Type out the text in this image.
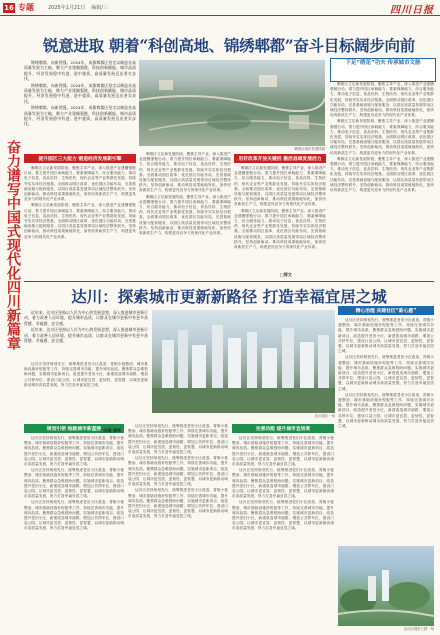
16 专题	2025年1月21日 编辑/三	四川日报
奋力谱写中国式现代化四川新篇章
锐意进取 朝着“科创高地、锦绣郫都”奋斗目标阔步向前

锦绣郫都，向新图强。2024年，成都郫都区坚定以制造业高质量发展为主轴，聚力产业建圈强链、科技创新赋能、城市品质提升，经济发展稳中有进、进中提质，高质量发展迈出坚实步伐。

锦绣郫都，向新图强。2024年，成都郫都区坚定以制造业高质量发展为主轴，聚力产业建圈强链、科技创新赋能、城市品质提升，经济发展稳中有进、进中提质，高质量发展迈出坚实步伐。

锦绣郫都，向新图强。2024年，成都郫都区坚定以制造业高质量发展为主轴，聚力产业建圈强链、科技创新赋能、城市品质提升，经济发展稳中有进、进中提质，高质量发展迈出坚实步伐。

郫都区城市发展风貌
下足“绣花”功夫 传承城市文脉

郫都区立足新发展阶段，聚焦主导产业，深入推进产业建圈强链行动，着力提升园区承载能力、要素保障能力、综合服务能力，推动电子信息、食品饮料、生物医药、现代农业等产业集群化发展，持续夯实实体经济根基。全面推动园区改革，优化园区功能布局，完善基础设施与配套服务，以园区高质量发展带动区域经济整体跃升。坚持创新驱动，推动科技成果就地转化，加快培育新质生产力，构建更具竞争力的现代化产业体系。

郫都区立足新发展阶段，聚焦主导产业，深入推进产业建圈强链行动，着力提升园区承载能力、要素保障能力、综合服务能力，推动电子信息、食品饮料、生物医药、现代农业等产业集群化发展，持续夯实实体经济根基。全面推动园区改革，优化园区功能布局，完善基础设施与配套服务，以园区高质量发展带动区域经济整体跃升。坚持创新驱动，推动科技成果就地转化，加快培育新质生产力，构建更具竞争力的现代化产业体系。

郫都区立足新发展阶段，聚焦主导产业，深入推进产业建圈强链行动，着力提升园区承载能力、要素保障能力、综合服务能力，推动电子信息、食品饮料、生物医药、现代农业等产业集群化发展，持续夯实实体经济根基。全面推动园区改革，优化园区功能布局，完善基础设施与配套服务，以园区高质量发展带动区域经济整体跃升。坚持创新驱动，推动科技成果就地转化，加快培育新质生产力，构建更具竞争力的现代化产业体系。

提升园区三大能力 锻造经济发展新引擎

郫都区立足新发展阶段，聚焦主导产业，深入推进产业建圈强链行动，着力提升园区承载能力、要素保障能力、综合服务能力，推动电子信息、食品饮料、生物医药、现代农业等产业集群化发展，持续夯实实体经济根基。全面推动园区改革，优化园区功能布局，完善基础设施与配套服务，以园区高质量发展带动区域经济整体跃升。坚持创新驱动，推动科技成果就地转化，加快培育新质生产力，构建更具竞争力的现代化产业体系。

郫都区立足新发展阶段，聚焦主导产业，深入推进产业建圈强链行动，着力提升园区承载能力、要素保障能力、综合服务能力，推动电子信息、食品饮料、生物医药、现代农业等产业集群化发展，持续夯实实体经济根基。全面推动园区改革，优化园区功能布局，完善基础设施与配套服务，以园区高质量发展带动区域经济整体跃升。坚持创新驱动，推动科技成果就地转化，加快培育新质生产力，构建更具竞争力的现代化产业体系。

郫都区立足新发展阶段，聚焦主导产业，深入推进产业建圈强链行动，着力提升园区承载能力、要素保障能力、综合服务能力，推动电子信息、食品饮料、生物医药、现代农业等产业集群化发展，持续夯实实体经济根基。全面推动园区改革，优化园区功能布局，完善基础设施与配套服务，以园区高质量发展带动区域经济整体跃升。坚持创新驱动，推动科技成果就地转化，加快培育新质生产力，构建更具竞争力的现代化产业体系。

郫都区立足新发展阶段，聚焦主导产业，深入推进产业建圈强链行动，着力提升园区承载能力、要素保障能力、综合服务能力，推动电子信息、食品饮料、生物医药、现代农业等产业集群化发展，持续夯实实体经济根基。全面推动园区改革，优化园区功能布局，完善基础设施与配套服务，以园区高质量发展带动区域经济整体跃升。坚持创新驱动，推动科技成果就地转化，加快培育新质生产力，构建更具竞争力的现代化产业体系。

用好改革开放关键招 激活县域发展活力

郫都区立足新发展阶段，聚焦主导产业，深入推进产业建圈强链行动，着力提升园区承载能力、要素保障能力、综合服务能力，推动电子信息、食品饮料、生物医药、现代农业等产业集群化发展，持续夯实实体经济根基。全面推动园区改革，优化园区功能布局，完善基础设施与配套服务，以园区高质量发展带动区域经济整体跃升。坚持创新驱动，推动科技成果就地转化，加快培育新质生产力，构建更具竞争力的现代化产业体系。

郫都区立足新发展阶段，聚焦主导产业，深入推进产业建圈强链行动，着力提升园区承载能力、要素保障能力、综合服务能力，推动电子信息、食品饮料、生物医药、现代农业等产业集群化发展，持续夯实实体经济根基。全面推动园区改革，优化园区功能布局，完善基础设施与配套服务，以园区高质量发展带动区域经济整体跃升。坚持创新驱动，推动科技成果就地转化，加快培育新质生产力，构建更具竞争力的现代化产业体系。

□郑文
达川：探索城市更新新路径 打造幸福宜居之城

近年来，达川区坚持以人民为中心的发展思想，深入推进城市更新行动，着力改善人居环境，提升城市品质，让群众在城市更新中有更多获得感、幸福感、安全感。

近年来，达川区坚持以人民为中心的发展思想，深入推进城市更新行动，着力改善人居环境，提升城市品质，让群众在城市更新中有更多获得感、幸福感、安全感。

达川城区一角
精心治理 共建社区“新心愿”

达川区坚持规划先行，统筹推进老旧小区改造、背街小巷整治、城市基础设施补短板等工作，持续完善城市功能，提升城市品质。聚焦群众急难愁盼问题，实施城市更新项目，改造提升老旧小区，新建改造城市道路，增加公共停车位，建设口袋公园，让城市更宜居、更韧性、更智慧，以城市更新推动城市高质量发展，努力打造幸福宜居之城。

达川区坚持规划先行，统筹推进老旧小区改造、背街小巷整治、城市基础设施补短板等工作，持续完善城市功能，提升城市品质。聚焦群众急难愁盼问题，实施城市更新项目，改造提升老旧小区，新建改造城市道路，增加公共停车位，建设口袋公园，让城市更宜居、更韧性、更智慧，以城市更新推动城市高质量发展，努力打造幸福宜居之城。

达川区坚持规划先行，统筹推进老旧小区改造、背街小巷整治、城市基础设施补短板等工作，持续完善城市功能，提升城市品质。聚焦群众急难愁盼问题，实施城市更新项目，改造提升老旧小区，新建改造城市道路，增加公共停车位，建设口袋公园，让城市更宜居、更韧性、更智慧，以城市更新推动城市高质量发展，努力打造幸福宜居之城。

达川区坚持规划先行，统筹推进老旧小区改造、背街小巷整治、城市基础设施补短板等工作，持续完善城市功能，提升城市品质。聚焦群众急难愁盼问题，实施城市更新项目，改造提升老旧小区，新建改造城市道路，增加公共停车位，建设口袋公园，让城市更宜居、更韧性、更智慧，以城市更新推动城市高质量发展，努力打造幸福宜居之城。

规划引领 绘就城市新蓝图

达川区坚持规划先行，统筹推进老旧小区改造、背街小巷整治、城市基础设施补短板等工作，持续完善城市功能，提升城市品质。聚焦群众急难愁盼问题，实施城市更新项目，改造提升老旧小区，新建改造城市道路，增加公共停车位，建设口袋公园，让城市更宜居、更韧性、更智慧，以城市更新推动城市高质量发展，努力打造幸福宜居之城。

达川区坚持规划先行，统筹推进老旧小区改造、背街小巷整治、城市基础设施补短板等工作，持续完善城市功能，提升城市品质。聚焦群众急难愁盼问题，实施城市更新项目，改造提升老旧小区，新建改造城市道路，增加公共停车位，建设口袋公园，让城市更宜居、更韧性、更智慧，以城市更新推动城市高质量发展，努力打造幸福宜居之城。

达川区坚持规划先行，统筹推进老旧小区改造、背街小巷整治、城市基础设施补短板等工作，持续完善城市功能，提升城市品质。聚焦群众急难愁盼问题，实施城市更新项目，改造提升老旧小区，新建改造城市道路，增加公共停车位，建设口袋公园，让城市更宜居、更韧性、更智慧，以城市更新推动城市高质量发展，努力打造幸福宜居之城。

达川区坚持规划先行，统筹推进老旧小区改造、背街小巷整治、城市基础设施补短板等工作，持续完善城市功能，提升城市品质。聚焦群众急难愁盼问题，实施城市更新项目，改造提升老旧小区，新建改造城市道路，增加公共停车位，建设口袋公园，让城市更宜居、更韧性、更智慧，以城市更新推动城市高质量发展，努力打造幸福宜居之城。

达川区坚持规划先行，统筹推进老旧小区改造、背街小巷整治、城市基础设施补短板等工作，持续完善城市功能，提升城市品质。聚焦群众急难愁盼问题，实施城市更新项目，改造提升老旧小区，新建改造城市道路，增加公共停车位，建设口袋公园，让城市更宜居、更韧性、更智慧，以城市更新推动城市高质量发展，努力打造幸福宜居之城。

达川区坚持规划先行，统筹推进老旧小区改造、背街小巷整治、城市基础设施补短板等工作，持续完善城市功能，提升城市品质。聚焦群众急难愁盼问题，实施城市更新项目，改造提升老旧小区，新建改造城市道路，增加公共停车位，建设口袋公园，让城市更宜居、更韧性、更智慧，以城市更新推动城市高质量发展，努力打造幸福宜居之城。

完善功能 提升城市宜居度

达川区坚持规划先行，统筹推进老旧小区改造、背街小巷整治、城市基础设施补短板等工作，持续完善城市功能，提升城市品质。聚焦群众急难愁盼问题，实施城市更新项目，改造提升老旧小区，新建改造城市道路，增加公共停车位，建设口袋公园，让城市更宜居、更韧性、更智慧，以城市更新推动城市高质量发展，努力打造幸福宜居之城。

达川区坚持规划先行，统筹推进老旧小区改造、背街小巷整治、城市基础设施补短板等工作，持续完善城市功能，提升城市品质。聚焦群众急难愁盼问题，实施城市更新项目，改造提升老旧小区，新建改造城市道路，增加公共停车位，建设口袋公园，让城市更宜居、更韧性、更智慧，以城市更新推动城市高质量发展，努力打造幸福宜居之城。

达川区坚持规划先行，统筹推进老旧小区改造、背街小巷整治、城市基础设施补短板等工作，持续完善城市功能，提升城市品质。聚焦群众急难愁盼问题，实施城市更新项目，改造提升老旧小区，新建改造城市道路，增加公共停车位，建设口袋公园，让城市更宜居、更韧性、更智慧，以城市更新推动城市高质量发展，努力打造幸福宜居之城。

□刘禹 徐军
达川区城市公园一角
